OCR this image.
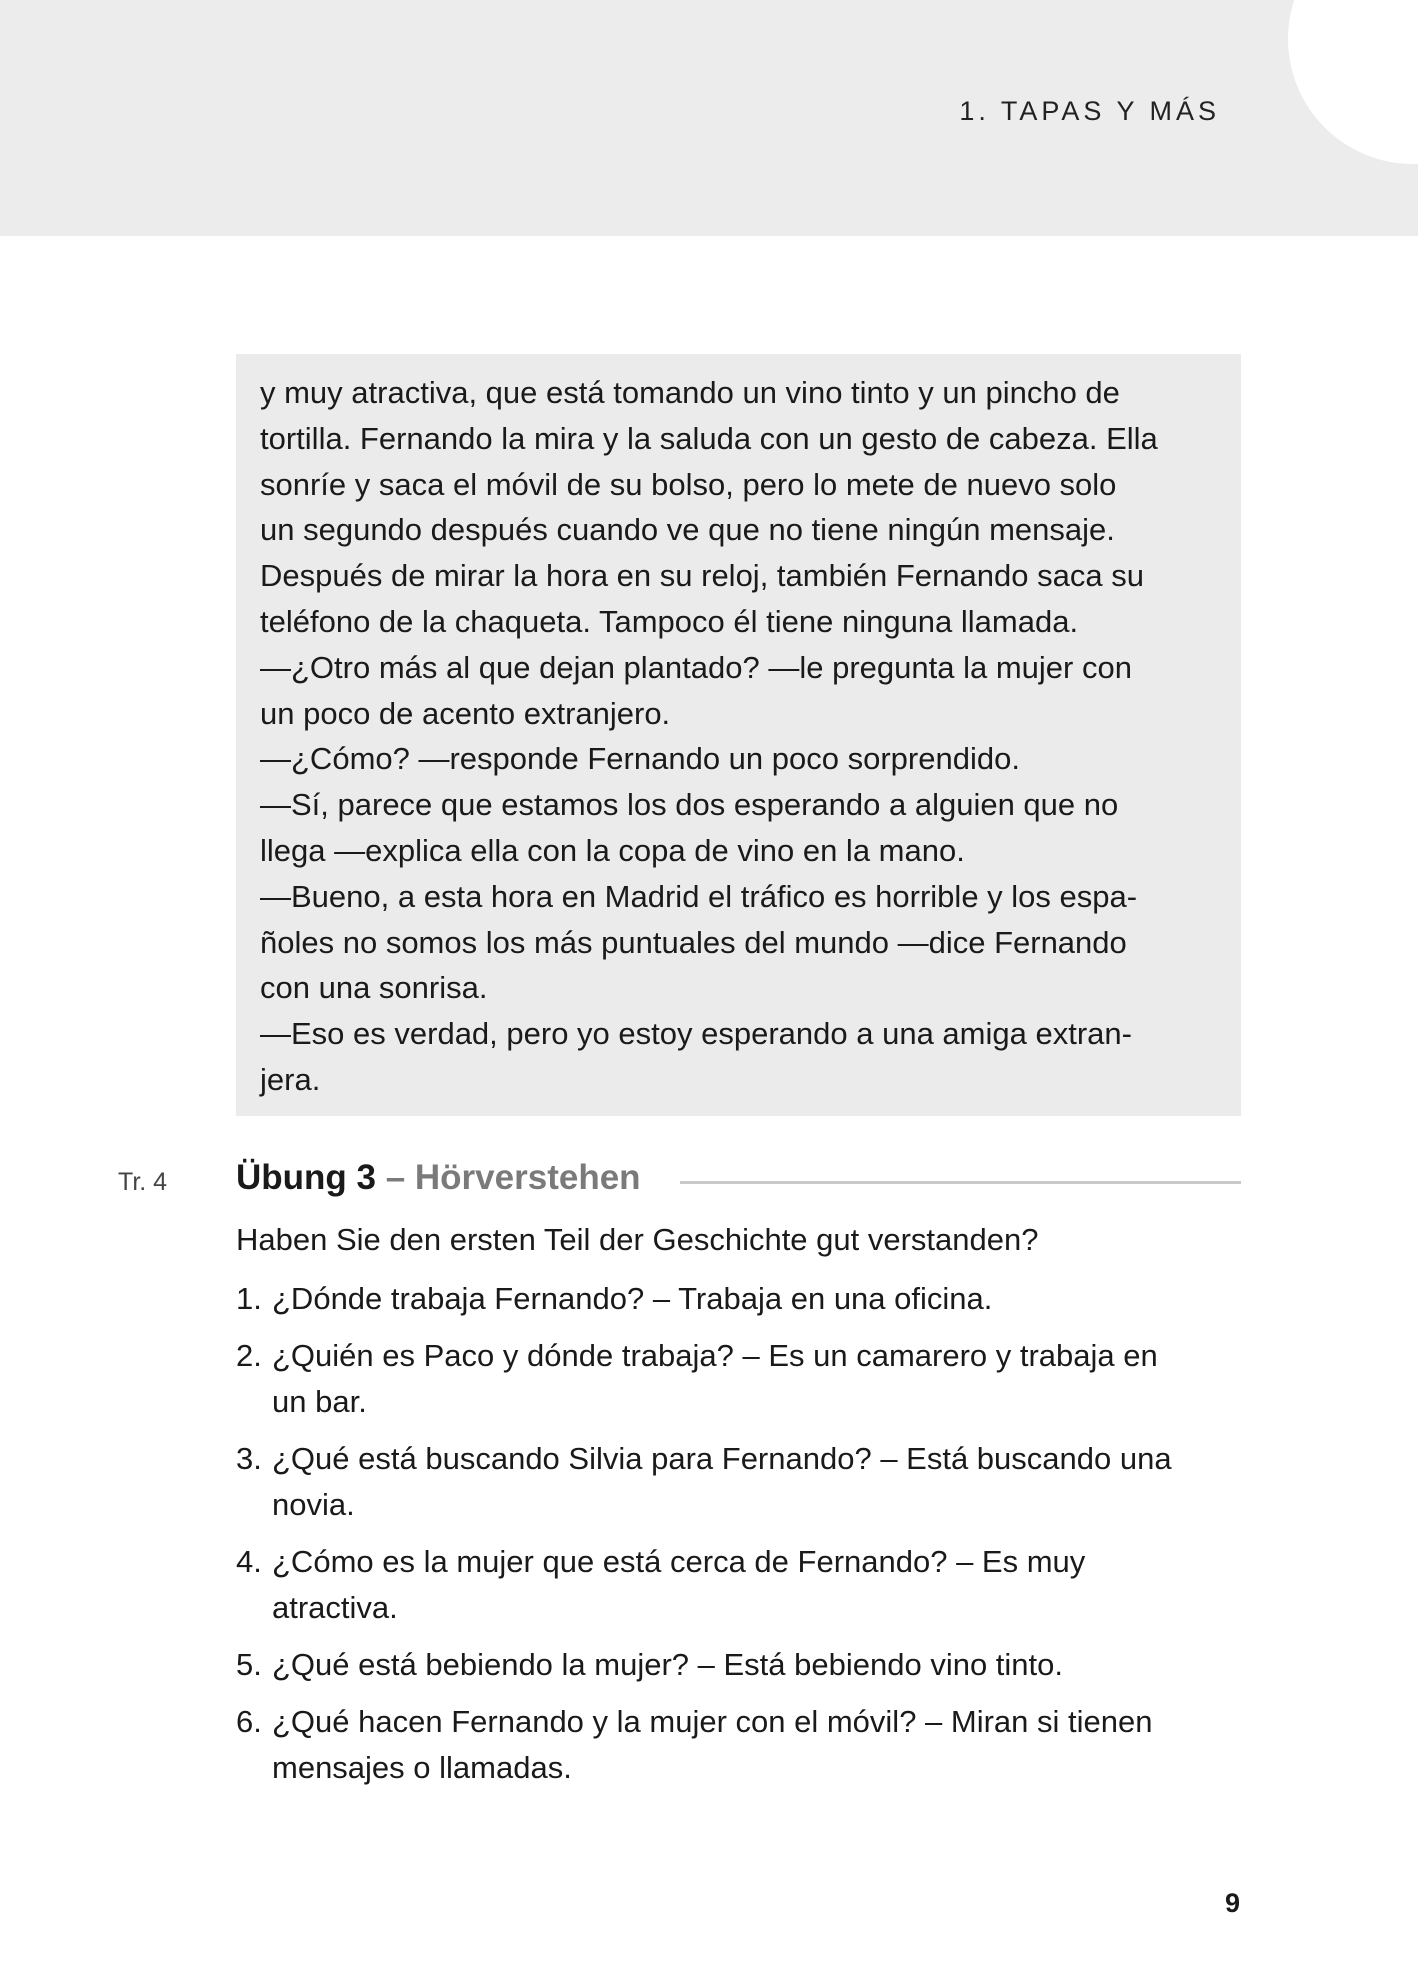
1. TAPAS Y MÁS
y muy atractiva, que está tomando un vino tinto y un pincho de
tortilla. Fernando la mira y la saluda con un gesto de cabeza. Ella
sonríe y saca el móvil de su bolso, pero lo mete de nuevo solo
un segundo después cuando ve que no tiene ningún mensaje.
Después de mirar la hora en su reloj, también Fernando saca su
teléfono de la chaqueta. Tampoco él tiene ninguna llamada.
—¿Otro más al que dejan plantado? —le pregunta la mujer con
un poco de acento extranjero.
—¿Cómo? —responde Fernando un poco sorprendido.
—Sí, parece que estamos los dos esperando a alguien que no
llega —explica ella con la copa de vino en la mano.
—Bueno, a esta hora en Madrid el tráfico es horrible y los espa-
ñoles no somos los más puntuales del mundo —dice Fernando
con una sonrisa.
—Eso es verdad, pero yo estoy esperando a una amiga extran-
jera.
Tr. 4 Übung 3 – Hörverstehen
Haben Sie den ersten Teil der Geschichte gut verstanden?
1. ¿Dónde trabaja Fernando? – Trabaja en una oficina.
2. ¿Quién es Paco y dónde trabaja? – Es un camarero y trabaja en
un bar.
3. ¿Qué está buscando Silvia para Fernando? – Está buscando una
novia.
4. ¿Cómo es la mujer que está cerca de Fernando? – Es muy
atractiva.
5. ¿Qué está bebiendo la mujer? – Está bebiendo vino tinto.
6. ¿Qué hacen Fernando y la mujer con el móvil? – Miran si tienen
mensajes o llamadas.
9
